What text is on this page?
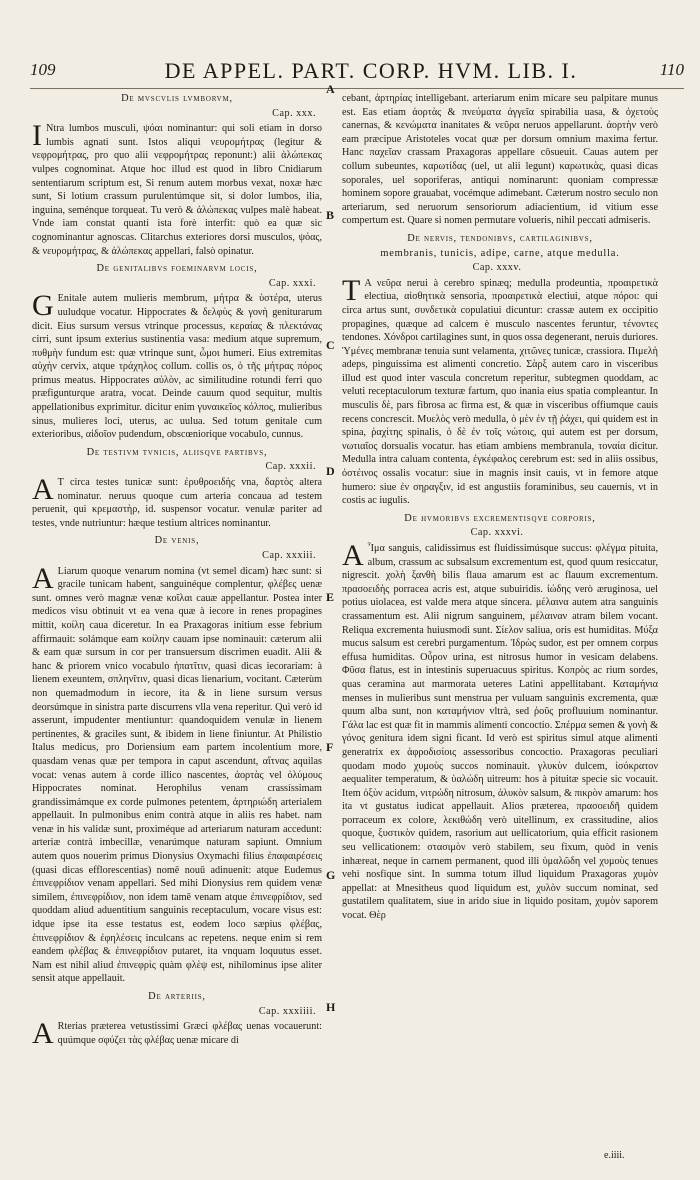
109	DE APPEL. PART. CORP. HVM. LIB. I.	110
De mvscvlis lvmborvm,
Cap. xxx.

I Ntra lumbos musculi, ψόαι nominantur: qui soli etiam in dorso lumbis agnati sunt. Istos aliqui νευρομήτρας (legitur & νεφρομήτρας, pro quo alii νεφρομήτρας reponunt:) alii ἀλώπεκας vulpes cognominat. Atque hoc illud est quod in libro Cnidiarum sententiarum scriptum est, Si renum autem morbus vexat, noxæ hæc sunt, Si lotium crassum purulentúmque sit, si dolor lumbos, ilia, inguina, seménque torqueat. Tu verò & ἀλώπεκας vulpes malè habeat. Vnde iam constat quanti ista forè interfit: quò ea quæ sic cognominantur agnoscas. Clitarchus exteriores dorsi musculos, ψόας, & νευρομήτρας, & ἀλώπεκας appellari, falsò opinatur.

De genitalibvs foeminarvm locis,
Cap. xxxi.

G Enitale autem mulieris membrum, μήτρα & ὑστέρα, uterus uuludque vocatur. Hippocrates & δελφὺς & γονὴ geniturarum dicit. Eius sursum versus vtrinque processus, κεραίας & πλεκτάνας cirri, sunt ipsum exterius sustinentia vasa: medium atque supremum, πυθμὴν fundum est: quæ vtrinque sunt, ὦμοι humeri. Eius extremitas αὐχὴν cervix, atque τράχηλος collum. collis os, ὁ τῆς μήτρας πόρος primus meatus. Hippocrates αὐλὸν, ac similitudine rotundi ferri quo præfigunturque aratra, vocat. Deinde cauum quod sequitur, multis appellationibus exprimitur. dicitur enim γυναικεῖος κόλπος, mulieribus sinus, mulieres loci, uterus, ac uulua. Sed totum genitale cum exterioribus, αἰδοῖον pudendum, obscœniorique vocabulo, cunnus.

De testivm tvnicis, aliisqve partibvs,
Cap. xxxii.

A T circa testes tunicæ sunt: ἐρυθροειδὴς vna, δαρτὸς altera nominatur. neruus quoque cum arteria concaua ad testem peruenit, qui κρεμαστὴρ, id. suspensor vocatur. venulæ pariter ad testes, vnde nutriuntur: hæque testium altrices nominantur.

De venis,
Cap. xxxiii.

A Liarum quoque venarum nomina (vt semel dicam) hæc sunt: si gracile tunicam habent, sanguinéque complentur, φλέβες uenæ sunt. omnes verò magnæ venæ κοῖλαι cauæ appellantur. Postea inter medicos visu obtinuit vt ea vena quæ à iecore in renes propagines mittit, κοίλη caua diceretur. In ea Praxagoras initium esse febrium affirmauit: solámque eam κοίλην cauam ipse nominauit: cæterum alii & eam quæ sursum in cor per transuersum discrimen euadit. Alii & hanc & priorem vnico vocabulo ἡπατῖτιν, quasi dicas iecorariam: à lienem exeuntem, σπληνῖτιν, quasi dicas lienarium, vocitant. Cæterùm non quemadmodum in iecore, ita & in liene sursum versus deorsúmque in sinistra parte discurrens vlla vena reperitur. Quì verò id asserunt, impudenter mentiuntur: quandoquidem venulæ in lienem pertinentes, & graciles sunt, & ibidem in liene finiuntur. At Philistio Italus medicus, pro Doriensium eam partem incolentium more, quasdam venas quæ per tempora in caput ascendunt, αἴτνας aquilas vocat: venas autem à corde illico nascentes, ἀορτὰς vel ὀλύμους Hippocrates nominat. Herophilus venam crassíssimam grandissimámque ex corde pulmones petentem, ἀρτηριώδη arterialem appellauit. In pulmonibus enim contrà atque in aliis res habet. nam venæ in his validæ sunt, proximéque ad arteriarum naturam accedunt: arteriæ contrà imbecillæ, venarúmque naturam sapiunt. Omnium autem quos nouerim primus Dionysius Oxymachi filius ἐπαφαιρέσεις (quasi dicas efflorescentias) nomē nouū adinuenit: atque Eudemus ἐπινεφρίδιον venam appellari. Sed mihi Dionysius rem quidem venæ similem, ἐπινεφρίδιον, non idem tamē venam atque ἐπινεφρίδιον, sed quoddam aliud aduentitium sanguinis receptaculum, vocare visus est: idque ipse ita esse testatus est, eodem loco sæpius φλέβας, ἐπινεφρίδιον & ἐφηλέσεις inculcans ac repetens. neque enim si rem eandem φλέβας & ἐπινεφρίδιον putaret, ita vnquam loquutus esset. Nam est nihil aliud ἐπινεφρὶς quàm φλὲψ est, nihilominus ipse aliter sensit atque appellauit.

De arteriis,
Cap. xxxiiii.

A Rterias præterea vetustissimi Græci φλέβας uenas vocauerunt: quúmque σφύζει τὰς φλέβας uenæ micare di

A
B
C
D
E
F
G
H

cebant, ἀρτηρίας intelligebant. arteriarum enim micare seu palpitare munus est. Eas etiam ἀορτὰς & πνεύματα ἀγγεῖα spirabilia uasa, & ὀχετοὺς canernas, & κενώματα inanitates & νεῦρα neruos appellarunt. ἀορτὴν verò eam præcipue Aristoteles vocat quæ per dorsum omnium maxima fertur. Hanc παχεῖαν crassam Praxagoras appellare cōsueuit. Cauas autem per collum subeuntes, καρωτίδας (uel, ut alii legunt) καρωτικὰς, quasi dicas soporales, uel soporiferas, antiqui nominarunt: quoniam compressæ hominem sopore grauabat, vocémque adimebant. Cæterum nostro seculo non arteriarum, sed neruorum sensoriorum adiacientium, id vitium esse compertum est. Quare si nomen permutare volueris, nihil peccati admiseris.

De nervis, tendonibvs, cartilaginibvs,
membranis, tunicis, adipe, carne, atque medulla.
Cap. xxxv.

T A νεῦρα nerui à cerebro spinæq; medulla prodeuntia, προαιρετικὰ electiua, αἰσθητικὰ sensoria, προαιρετικὰ electiui, atque πόροι: qui circa artus sunt, συνδετικὰ copulatiui dicuntur: crassæ autem ex occipitio propagines, quæque ad calcem è musculo nascentes feruntur, τένοντες tendones. Χόνδροι cartilagines sunt, in quos ossa degenerant, neruis duriores. Ὑμένες membranæ tenuia sunt velamenta, χιτῶνες tunicæ, crassiora. Πιμελὴ adeps, pinguissima est alimenti concretio. Σὰρξ autem caro in visceribus illud est quod inter vascula concretum reperitur, subtegmen quoddam, ac veluti receptaculorum texturæ fartum, quo inania eius spatia compleantur. In musculis δὲ, pars fibrosa ac firma est, & quæ in visceribus offiumque cauis recens concrescit. Μυελὸς verò medulla, ὁ μὲν ἐν τῇ ῥάχει, qui quidem est in spina, ῥαχίτης spinalis, ὁ δὲ ἐν τοῖς νώτοις, qui autem est per dorsum, νωτιαῖος dorsualis vocatur. has etiam ambiens membranula, τοναία dicitur. Medulla intra caluam contenta, ἐγκέφαλος cerebrum est: sed in aliis ossibus, ὀστέινος ossalis vocatur: siue in magnis insit cauis, vt in femore atque humero: siue ἐν σηραγξιν, id est angustiis foraminibus, seu cauernis, vt in costis ac iugulis.

De hvmoribvs excrementisqve corporis,
Cap. xxxvi.

A Ἷμα sanguis, calidissimus est fluidissimúsque succus: φλέγμα pituita, album, crassum ac subsalsum excrementum est, quod quum resiccatur, nigrescit. χολὴ ξανθὴ bilis flaua amarum est ac flauum excrementum. πρασοειδὴς porracea acris est, atque subuiridis. ἰώδης verò æruginosa, uel potius uiolacea, est valde mera atque sincera. μέλαινα autem atra sanguinis crassamentum est. Alii nigrum sanguinem, μέλαιναν atram bilem vocant. Reliqua excrementa huiusmodi sunt. Σίελον saliua, oris est humiditas. Μύξα mucus salsum est cerebri purgamentum. Ἱδρὼς sudor, est per omnem corpus effusa humiditas. Οὖρον urina, est nitrosus humor in vesicam delabens. Φῦσα flatus, est in intestinis superuacuus spiritus. Κοπρὸς ac rium sordes, quas ceramina aut marmorata ueteres Latini appellitabant. Καταμήνια menses in mulieribus sunt menstrua per vuluam sanguinis excrementa, quæ quum alba sunt, non καταμήνιον vltrà, sed ῥοῦς profluuium nominantur. Γάλα lac est quæ fit in mammis alimenti concoctio. Σπέρμα semen & γονὴ & γόνος genitura idem signi ficant. Id verò est spiritus simul atque alimenti generatrix ex ἀφροδισίοις assessoribus concoctio. Praxagoras peculiari quodam modo χυμοὺς succos nominauit. γλυκὺν dulcem, ἰσόκρατον aequaliter temperatum, & ὑαλώδη uitreum: hos à pituitæ specie sic vocauit. Item ὀξὺν acidum, νιτρώδη nitrosum, ἁλυκὸν salsum, & πικρὸν amarum: hos ita vt gustatus iudicat appellauit. Alios præterea, πρασοειδῆ quidem porraceum ex colore, λεκιθώδη verò uitellinum, ex crassitudine, alios quoque, ξυστικὸν quidem, rasorium aut uellicatorium, quia efficit rasionem seu vellicationem: στασιμὸν verò stabilem, seu fixum, quòd in venis inhæreat, neque in carnem permanent, quod illi ὑμαλῶδη vel χυμοὺς tenues vehi nosfique sint. In summa totum illud liquidum Praxagoras χυμὸν appellat: at Mnesitheus quod liquidum est, χυλὸν succum nominat, sed gustatilem qualitatem, siue in arido siue in liquido positam, χυμὸν saporem vocat. Θὲρ

e.iiii.
